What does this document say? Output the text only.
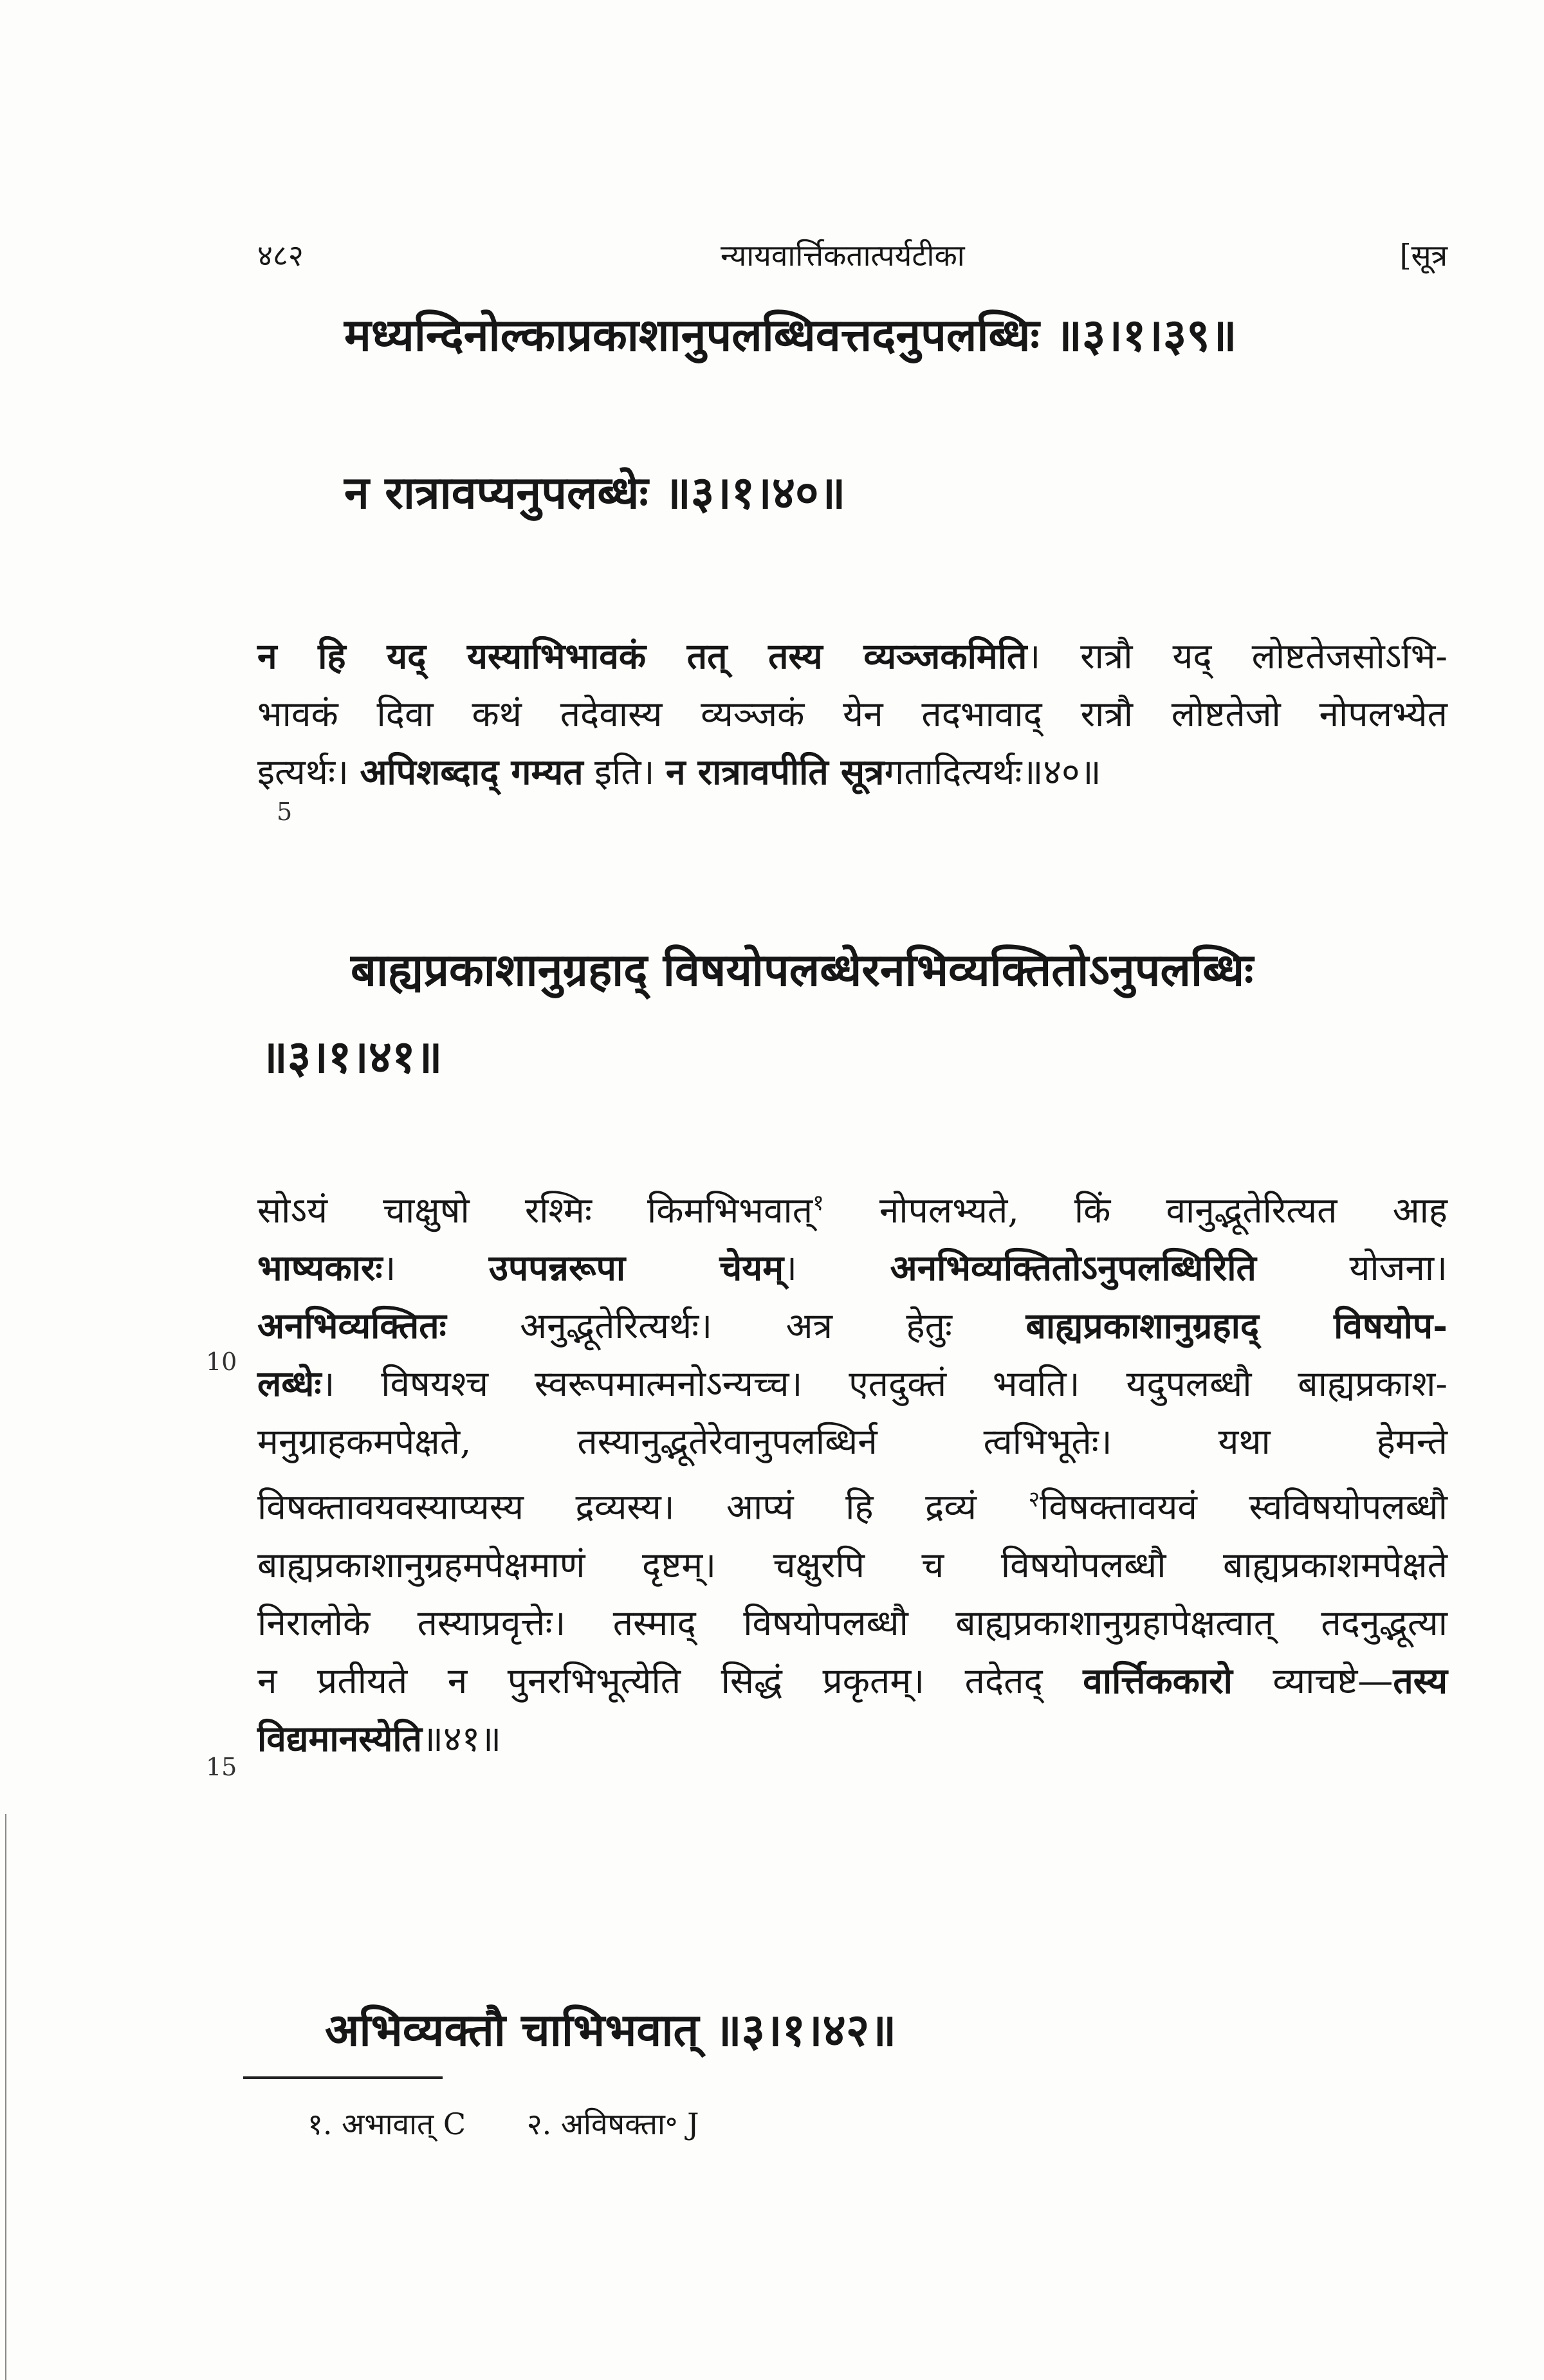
४८२	न्यायवार्त्तिकतात्पर्यटीका	[सूत्र
मध्यन्दिनोल्काप्रकाशानुपलब्धिवत्तदनुपलब्धिः ॥३।१।३९॥
न रात्रावप्यनुपलब्धेः ॥३।१।४०॥
न हि यद् यस्याभिभावकं तत् तस्य व्यञ्जकमिति। रात्रौ यद् लोष्टतेजसोऽभि-
भावकं दिवा कथं तदेवास्य व्यञ्जकं येन तदभावाद् रात्रौ लोष्टतेजो नोपलभ्येत
इत्यर्थः। अपिशब्दाद् गम्यत इति। न रात्रावपीति सूत्रगतादित्यर्थः॥४०॥
5
बाह्यप्रकाशानुग्रहाद् विषयोपलब्धेरनभिव्यक्तितोऽनुपलब्धिः
॥३।१।४१॥
सोऽयं चाक्षुषो रश्मिः किमभिभवात्$^१$ नोपलभ्यते, किं वानुद्भूतेरित्यत आह
भाष्यकारः। उपपन्नरूपा चेयम्। अनभिव्यक्तितोऽनुपलब्धिरिति योजना।
अनभिव्यक्तितः अनुद्भूतेरित्यर्थः। अत्र हेतुः बाह्यप्रकाशानुग्रहाद् विषयोप-
लब्धेः। विषयश्च स्वरूपमात्मनोऽन्यच्च। एतदुक्तं भवति। यदुपलब्धौ बाह्यप्रकाश-
मनुग्राहकमपेक्षते, तस्यानुद्भूतेरेवानुपलब्धिर्न त्वभिभूतेः। यथा हेमन्ते
विषक्तावयवस्याप्यस्य द्रव्यस्य। आप्यं हि द्रव्यं $^२$विषक्तावयवं स्वविषयोपलब्धौ
बाह्यप्रकाशानुग्रहमपेक्षमाणं दृष्टम्। चक्षुरपि च विषयोपलब्धौ बाह्यप्रकाशमपेक्षते
निरालोके तस्याप्रवृत्तेः। तस्माद् विषयोपलब्धौ बाह्यप्रकाशानुग्रहापेक्षत्वात् तदनुद्भूत्या
न प्रतीयते न पुनरभिभूत्येति सिद्धं प्रकृतम्। तदेतद् वार्त्तिककारो व्याचष्टे—तस्य
विद्यमानस्येति॥४१॥
10
15
अभिव्यक्तौ चाभिभवात् ॥३।१।४२॥
१. अभावात् C २. अविषक्ता॰ J
